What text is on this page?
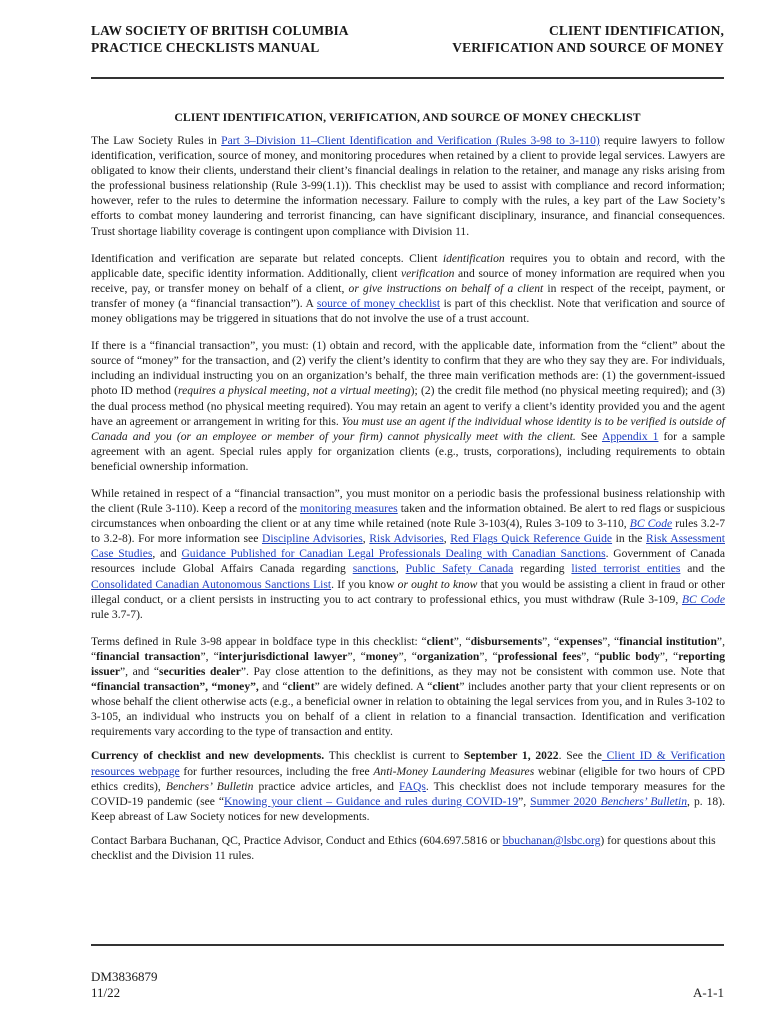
LAW SOCIETY OF BRITISH COLUMBIA
PRACTICE CHECKLISTS MANUAL
CLIENT IDENTIFICATION,
VERIFICATION AND SOURCE OF MONEY
CLIENT IDENTIFICATION, VERIFICATION, AND SOURCE OF MONEY CHECKLIST

The Law Society Rules in Part 3–Division 11–Client Identification and Verification (Rules 3-98 to 3-110) require lawyers to follow identification, verification, source of money, and monitoring procedures when retained by a client to provide legal services. Lawyers are obligated to know their clients, understand their client’s financial dealings in relation to the retainer, and manage any risks arising from the professional business relationship (Rule 3-99(1.1)). This checklist may be used to assist with compliance and record information; however, refer to the rules to determine the information necessary. Failure to comply with the rules, a key part of the Law Society’s efforts to combat money laundering and terrorist financing, can have significant disciplinary, insurance, and financial consequences. Trust shortage liability coverage is contingent upon compliance with Division 11.

Identification and verification are separate but related concepts. Client identification requires you to obtain and record, with the applicable date, specific identity information. Additionally, client verification and source of money information are required when you receive, pay, or transfer money on behalf of a client, or give instructions on behalf of a client in respect of the receipt, payment, or transfer of money (a “financial transaction”). A source of money checklist is part of this checklist. Note that verification and source of money obligations may be triggered in situations that do not involve the use of a trust account.

If there is a “financial transaction”, you must: (1) obtain and record, with the applicable date, information from the “client” about the source of “money” for the transaction, and (2) verify the client’s identity to confirm that they are who they say they are. For individuals, including an individual instructing you on an organization’s behalf, the three main verification methods are: (1) the government-issued photo ID method (requires a physical meeting, not a virtual meeting); (2) the credit file method (no physical meeting required); and (3) the dual process method (no physical meeting required). You may retain an agent to verify a client’s identity provided you and the agent have an agreement or arrangement in writing for this. You must use an agent if the individual whose identity is to be verified is outside of Canada and you (or an employee or member of your firm) cannot physically meet with the client. See Appendix 1 for a sample agreement with an agent. Special rules apply for organization clients (e.g., trusts, corporations), including requirements to obtain beneficial ownership information.

While retained in respect of a “financial transaction”, you must monitor on a periodic basis the professional business relationship with the client (Rule 3-110). Keep a record of the monitoring measures taken and the information obtained. Be alert to red flags or suspicious circumstances when onboarding the client or at any time while retained (note Rule 3-103(4), Rules 3-109 to 3-110, BC Code rules 3.2-7 to 3.2-8). For more information see Discipline Advisories, Risk Advisories, Red Flags Quick Reference Guide in the Risk Assessment Case Studies, and Guidance Published for Canadian Legal Professionals Dealing with Canadian Sanctions. Government of Canada resources include Global Affairs Canada regarding sanctions, Public Safety Canada regarding listed terrorist entities and the Consolidated Canadian Autonomous Sanctions List. If you know or ought to know that you would be assisting a client in fraud or other illegal conduct, or a client persists in instructing you to act contrary to professional ethics, you must withdraw (Rule 3-109, BC Code rule 3.7-7).

Terms defined in Rule 3-98 appear in boldface type in this checklist: “client”, “disbursements”, “expenses”, “financial institution”, “financial transaction”, “interjurisdictional lawyer”, “money”, “organization”, “professional fees”, “public body”, “reporting issuer”, and “securities dealer”. Pay close attention to the definitions, as they may not be consistent with common use. Note that “financial transaction”, “money”, and “client” are widely defined. A “client” includes another party that your client represents or on whose behalf the client otherwise acts (e.g., a beneficial owner in relation to obtaining the legal services from you, and in Rules 3-102 to 3-105, an individual who instructs you on behalf of a client in relation to a financial transaction. Identification and verification requirements vary according to the type of transaction and entity.

Currency of checklist and new developments. This checklist is current to September 1, 2022. See the Client ID & Verification resources webpage for further resources, including the free Anti-Money Laundering Measures webinar (eligible for two hours of CPD ethics credits), Benchers’ Bulletin practice advice articles, and FAQs. This checklist does not include temporary measures for the COVID-19 pandemic (see “Knowing your client – Guidance and rules during COVID-19”, Summer 2020 Benchers’ Bulletin, p. 18). Keep abreast of Law Society notices for new developments.

Contact Barbara Buchanan, QC, Practice Advisor, Conduct and Ethics (604.697.5816 or bbuchanan@lsbc.org) for questions about this checklist and the Division 11 rules.

DM3836879
11/22	A-1-1
